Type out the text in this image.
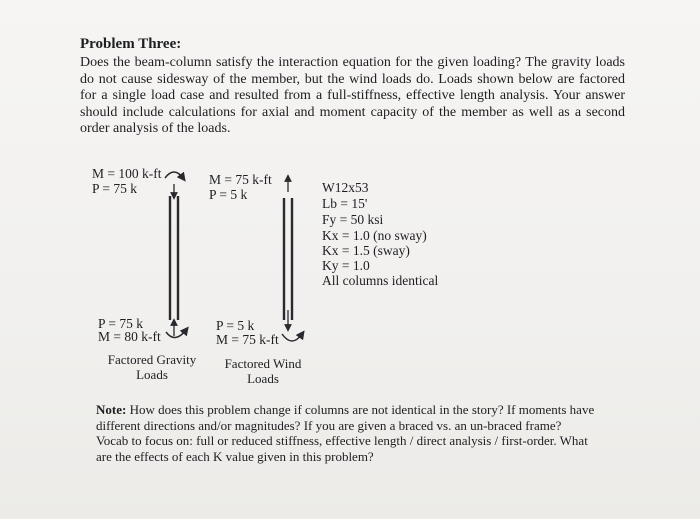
Problem Three:
Does the beam-column satisfy the interaction equation for the given loading? The gravity loads do not cause sidesway of the member, but the wind loads do. Loads shown below are factored for a single load case and resulted from a full-stiffness, effective length analysis. Your answer should include calculations for axial and moment capacity of the member as well as a second order analysis of the loads.
M = 100 k-ft
P = 75 k
P = 75 k
M = 80 k-ft
Factored Gravity
Loads
M = 75 k-ft
P = 5 k
P = 5 k
M = 75 k-ft
Factored Wind
Loads
W12x53
Lb = 15'
Fy = 50 ksi
Kx = 1.0 (no sway)
Kx = 1.5 (sway)
Ky = 1.0
All columns identical
Note: How does this problem change if columns are not identical in the story? If moments have different directions and/or magnitudes? If you are given a braced vs. an un-braced frame? Vocab to focus on: full or reduced stiffness, effective length / direct analysis / first-order. What are the effects of each K value given in this problem?
